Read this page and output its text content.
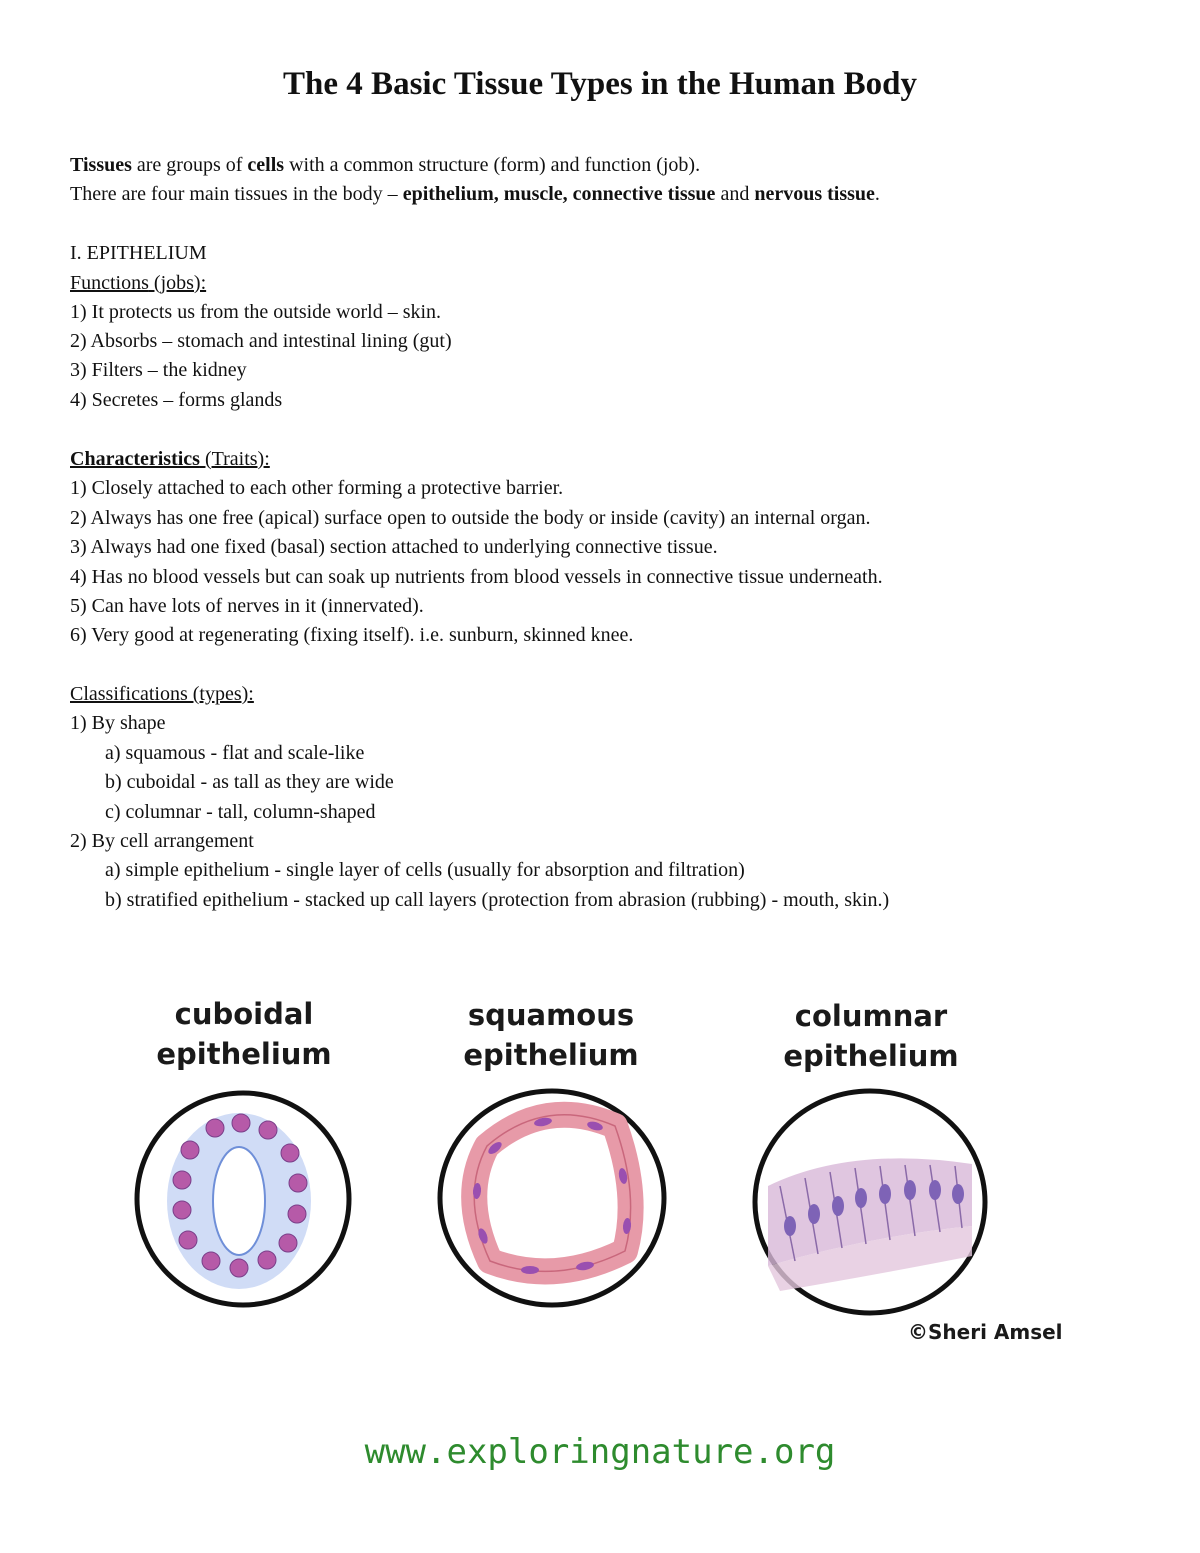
The 4 Basic Tissue Types in the Human Body
Tissues are groups of cells with a common structure (form) and function (job).
There are four main tissues in the body – epithelium, muscle, connective tissue and nervous tissue.
I. EPITHELIUM
Functions (jobs):
1) It protects us from the outside world – skin.
2) Absorbs – stomach and intestinal lining (gut)
3) Filters – the kidney
4) Secretes – forms glands
Characteristics (Traits):
1) Closely attached to each other forming a protective barrier.
2) Always has one free (apical) surface open to outside the body or inside (cavity) an internal organ.
3) Always had one fixed (basal) section attached to underlying connective tissue.
4) Has no blood vessels but can soak up nutrients from blood vessels in connective tissue underneath.
5) Can have lots of nerves in it (innervated).
6) Very good at regenerating (fixing itself). i.e. sunburn, skinned knee.
Classifications (types):
1) By shape
a) squamous - flat and scale-like
b) cuboidal - as tall as they are wide
c) columnar - tall, column-shaped
2) By cell arrangement
a) simple epithelium - single layer of cells (usually for absorption and filtration)
b) stratified epithelium - stacked up call layers (protection from abrasion (rubbing) - mouth, skin.)
cuboidal
epithelium
squamous
epithelium
columnar
epithelium
©Sheri Amsel
www.exploringnature.org
